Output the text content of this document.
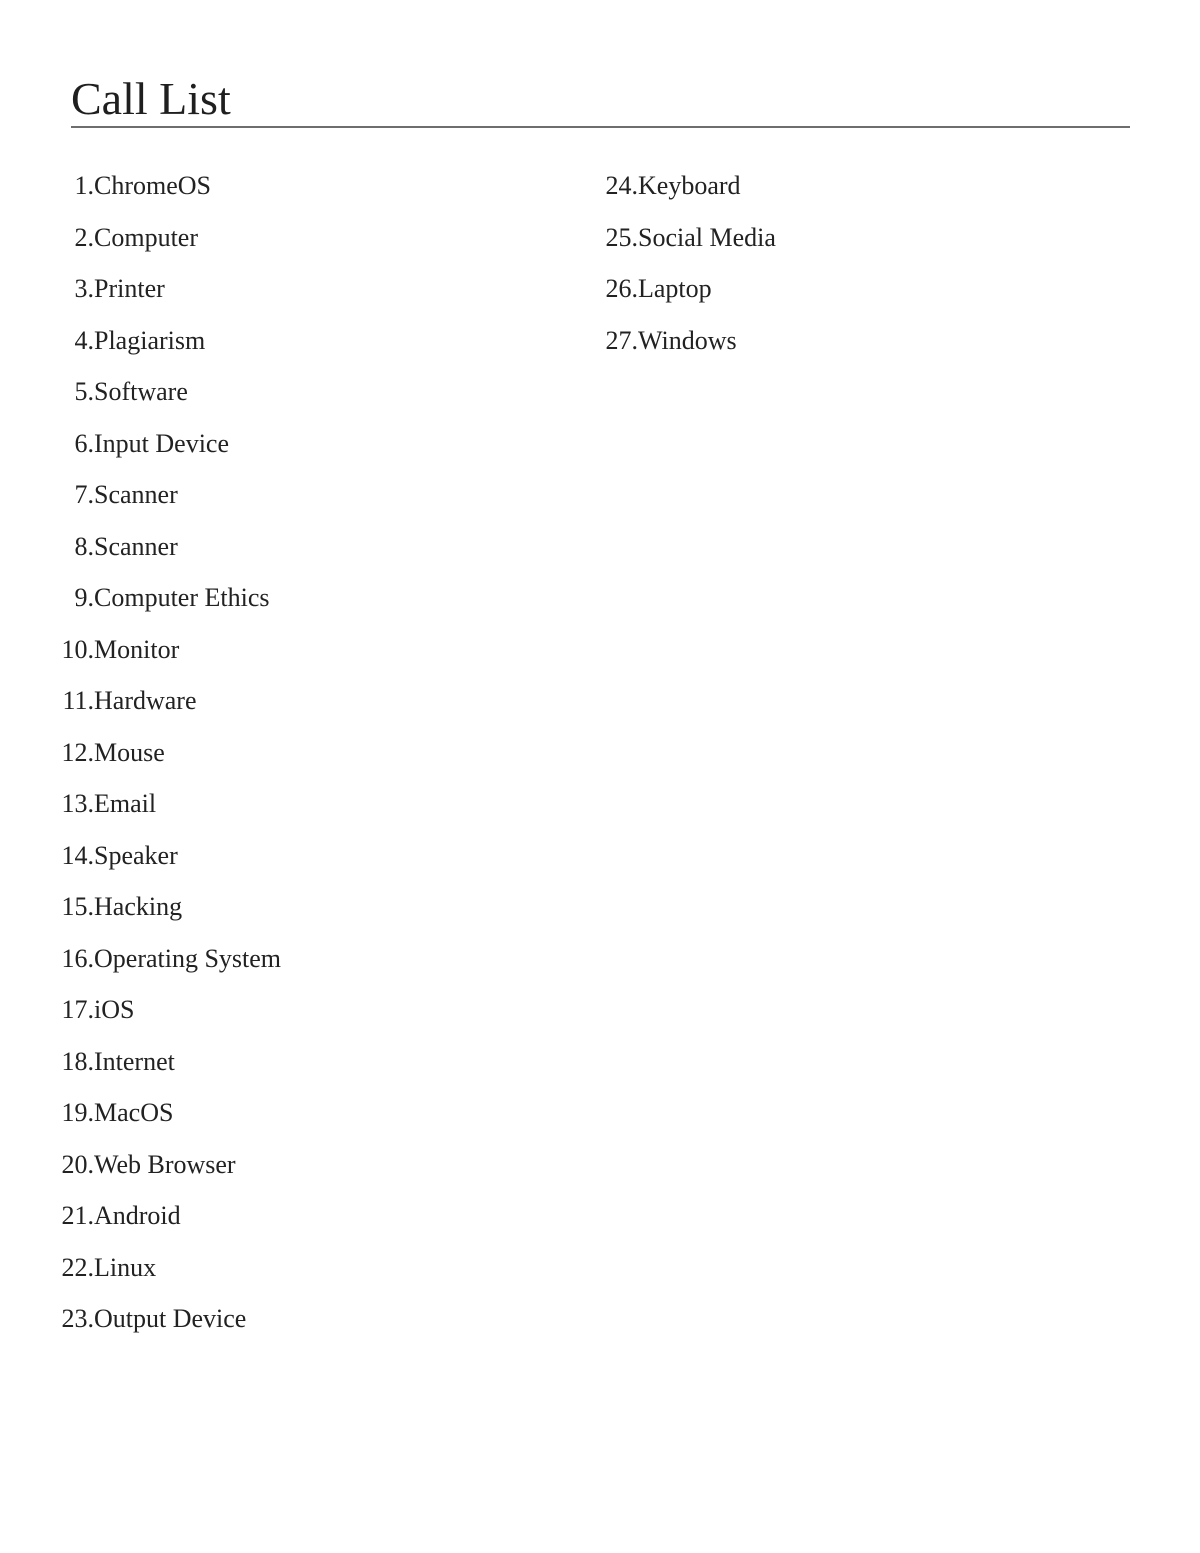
Call List
1.ChromeOS
2.Computer
3.Printer
4.Plagiarism
5.Software
6.Input Device
7.Scanner
8.Scanner
9.Computer Ethics
10.Monitor
11.Hardware
12.Mouse
13.Email
14.Speaker
15.Hacking
16.Operating System
17.iOS
18.Internet
19.MacOS
20.Web Browser
21.Android
22.Linux
23.Output Device
24.Keyboard
25.Social Media
26.Laptop
27.Windows
